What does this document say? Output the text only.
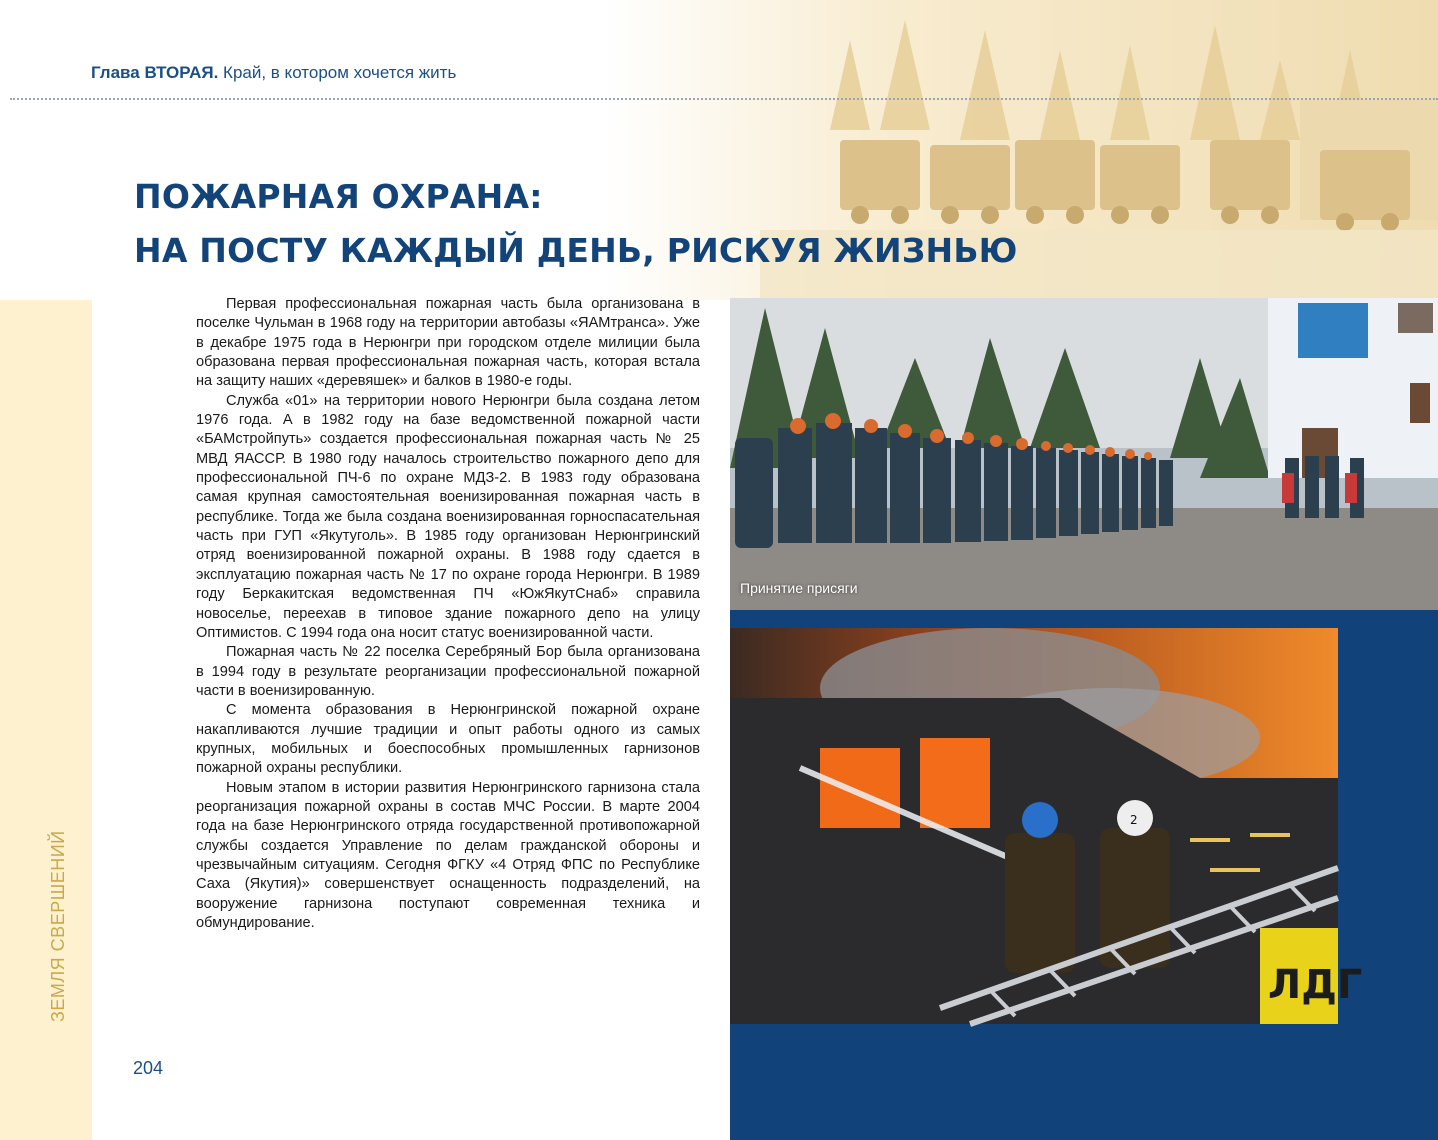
Глава ВТОРАЯ. Край, в котором хочется жить
ПОЖАРНАЯ ОХРАНА:
НА ПОСТУ КАЖДЫЙ ДЕНЬ, РИСКУЯ ЖИЗНЬЮ

Первая профессиональная пожарная часть была организована в поселке Чульман в 1968 году на территории автобазы «ЯАМтранса». Уже в декабре 1975 года в Нерюнгри при городском отделе милиции была образована первая профессиональная пожарная часть, которая встала на защиту наших «деревяшек» и балков в 1980-е годы.

Служба «01» на территории нового Нерюнгри была создана летом 1976 года. А в 1982 году на базе ведомственной пожарной части «БАМстройпуть» создается профессиональная пожарная часть № 25 МВД ЯАССР. В 1980 году началось строительство пожарного депо для профессиональной ПЧ-6 по охране МДЗ-2. В 1983 году образована самая крупная самостоятельная военизированная пожарная часть в республике. Тогда же была создана военизированная горноспасательная часть при ГУП «Якутуголь». В 1985 году организован Нерюнгринский отряд военизированной пожарной охраны. В 1988 году сдается в эксплуатацию пожарная часть № 17 по охране города Нерюнгри. В 1989 году Беркакитская ведомственная ПЧ «ЮжЯкутСнаб» справила новоселье, переехав в типовое здание пожарного депо на улицу Оптимистов. С 1994 года она носит статус военизированной части.

Пожарная часть № 22 поселка Серебряный Бор была организована в 1994 году в результате реорганизации профессиональной пожарной части в военизированную.

С момента образования в Нерюнгринской пожарной охране накапливаются лучшие традиции и опыт работы одного из самых крупных, мобильных и боеспособных промышленных гарнизонов пожарной охраны республики.

Новым этапом в истории развития Нерюнгринского гарнизона стала реорганизация пожарной охраны в состав МЧС России. В марте 2004 года на базе Нерюнгринского отряда государственной противопожарной службы создается Управление по делам гражданской обороны и чрезвычайным ситуациям. Сегодня ФГКУ «4 Отряд ФПС по Республике Саха (Якутия)» совершенствует оснащенность подразделений, на вооружение гарнизона поступают современная техника и обмундирование.

ЗЕМЛЯ СВЕРШЕНИЙ
204
Принятие присяги
2
ЛДГ
